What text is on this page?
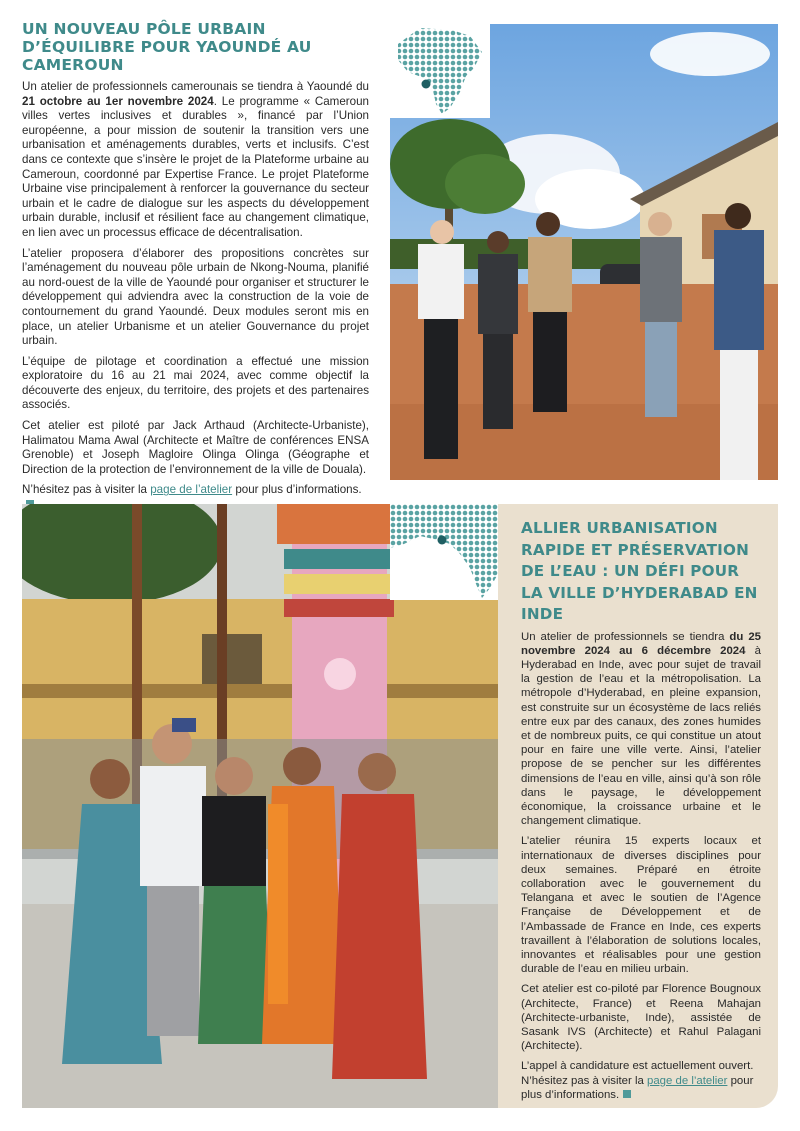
UN NOUVEAU PÔLE URBAIN D’ÉQUILIBRE POUR YAOUNDÉ AU CAMEROUN

Un atelier de professionnels camerounais se tiendra à Yaoundé du 21 octobre au 1er novembre 2024. Le programme « Cameroun villes vertes inclusives et durables », financé par l’Union européenne, a pour mission de soutenir la transition vers une urbanisation et aménagements durables, verts et inclusifs. C’est dans ce contexte que s’insère le projet de la Plateforme urbaine au Cameroun, coordonné par Expertise France. Le projet Plateforme Urbaine vise principalement à renforcer la gouvernance du secteur urbain et le cadre de dialogue sur les aspects du développement urbain durable, inclusif et résilient face au changement climatique, en lien avec un processus efficace de décentralisation.

L’atelier proposera d’élaborer des propositions concrètes sur l’aménagement du nouveau pôle urbain de Nkong-Nouma, planifié au nord-ouest de la ville de Yaoundé pour organiser et structurer le développement qui adviendra avec la construction de la voie de contournement du grand Yaoundé. Deux modules seront mis en place, un atelier Urbanisme et un atelier Gouvernance du projet urbain.

L’équipe de pilotage et coordination a effectué une mission exploratoire du 16 au 21 mai 2024, avec comme objectif la découverte des enjeux, du territoire, des projets et des partenaires associés.

Cet atelier est piloté par Jack Arthaud (Architecte-Urbaniste), Halimatou Mama Awal (Architecte et Maître de conférences ENSA Grenoble) et Joseph Magloire Olinga Olinga (Géographe et Direction de la protection de l’environnement de la ville de Douala).

N’hésitez pas à visiter la page de l’atelier pour plus d’informations.

ALLIER URBANISATION RAPIDE ET PRÉSERVATION DE L’EAU : UN DÉFI POUR LA VILLE D’HYDERABAD EN INDE

Un atelier de professionnels se tiendra du 25 novembre 2024 au 6 décembre 2024 à Hyderabad en Inde, avec pour sujet de travail la gestion de l’eau et la métropolisation. La métropole d’Hyderabad, en pleine expansion, est construite sur un écosystème de lacs reliés entre eux par des canaux, des zones humides et de nombreux puits, ce qui constitue un atout pour en faire une ville verte. Ainsi, l’atelier propose de se pencher sur les différentes dimensions de l’eau en ville, ainsi qu’à son rôle dans le paysage, le développement économique, la croissance urbaine et le changement climatique.

L’atelier réunira 15 experts locaux et internationaux de diverses disciplines pour deux semaines. Préparé en étroite collaboration avec le gouvernement du Telangana et avec le soutien de l’Agence Française de Développement et de l’Ambassade de France en Inde, ces experts travaillent à l’élaboration de solutions locales, innovantes et réalisables pour une gestion durable de l’eau en milieu urbain.

Cet atelier est co-piloté par Florence Bougnoux (Architecte, France) et Reena Mahajan (Architecte-urbaniste, Inde), assistée de Sasank IVS (Architecte) et Rahul Palagani (Architecte).

L’appel à candidature est actuellement ouvert.
N’hésitez pas à visiter la page de l’atelier pour plus d’informations.
